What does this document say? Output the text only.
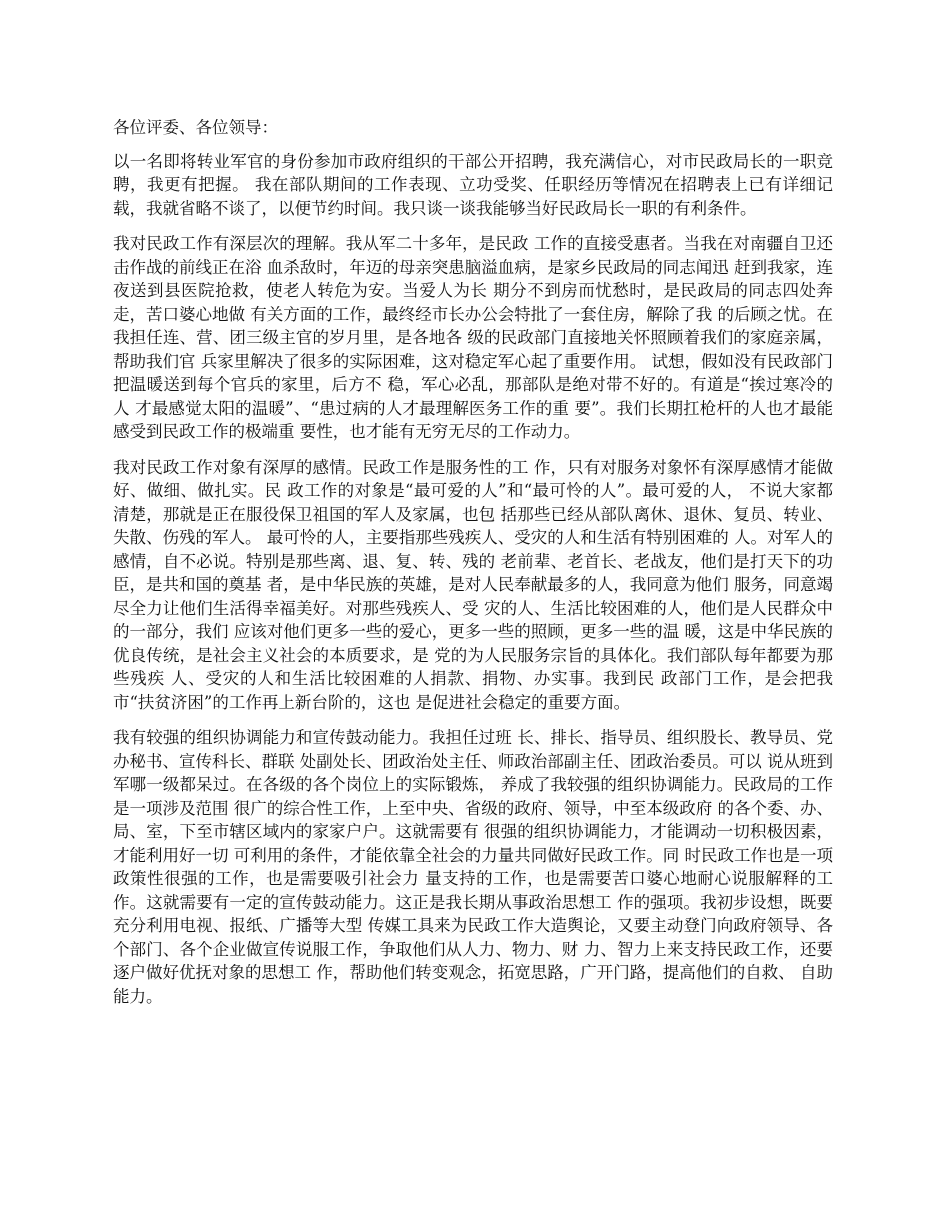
各位评委、各位领导：

以一名即将转业军官的身份参加市政府组织的干部公开招聘，我充满信心，对市民政局长的一职竞聘，我更有把握。 我在部队期间的工作表现、立功受奖、任职经历等情况在招聘表上已有详细记载，我就省略不谈了，以便节约时间。我只谈一谈我能够当好民政局长一职的有利条件。

我对民政工作有深层次的理解。我从军二十多年，是民政 工作的直接受惠者。当我在对南疆自卫还击作战的前线正在浴 血杀敌时，年迈的母亲突患脑溢血病，是家乡民政局的同志闻迅 赶到我家，连夜送到县医院抢救，使老人转危为安。当爱人为长 期分不到房而忧愁时，是民政局的同志四处奔走，苦口婆心地做 有关方面的工作，最终经市长办公会特批了一套住房，解除了我 的后顾之忧。在我担任连、营、团三级主官的岁月里，是各地各 级的民政部门直接地关怀照顾着我们的家庭亲属，帮助我们官 兵家里解决了很多的实际困难，这对稳定军心起了重要作用。 试想，假如没有民政部门把温暖送到每个官兵的家里，后方不 稳，军心必乱，那部队是绝对带不好的。有道是“挨过寒冷的人 才最感觉太阳的温暖”、“患过病的人才最理解医务工作的重 要”。我们长期扛枪杆的人也才最能感受到民政工作的极端重 要性，也才能有无穷无尽的工作动力。

我对民政工作对象有深厚的感情。民政工作是服务性的工 作，只有对服务对象怀有深厚感情才能做好、做细、做扎实。民 政工作的对象是“最可爱的人”和“最可怜的人”。最可爱的人， 不说大家都清楚，那就是正在服役保卫祖国的军人及家属，也包 括那些已经从部队离休、退休、复员、转业、失散、伤残的军人。 最可怜的人，主要指那些残疾人、受灾的人和生活有特别困难的 人。对军人的感情，自不必说。特别是那些离、退、复、转、残的 老前辈、老首长、老战友，他们是打天下的功臣，是共和国的奠基 者，是中华民族的英雄，是对人民奉献最多的人，我同意为他们 服务，同意竭尽全力让他们生活得幸福美好。对那些残疾人、受 灾的人、生活比较困难的人，他们是人民群众中的一部分，我们 应该对他们更多一些的爱心，更多一些的照顾，更多一些的温 暖，这是中华民族的优良传统，是社会主义社会的本质要求，是 党的为人民服务宗旨的具体化。我们部队每年都要为那些残疾 人、受灾的人和生活比较困难的人捐款、捐物、办实事。我到民 政部门工作，是会把我市“扶贫济困”的工作再上新台阶的，这也 是促进社会稳定的重要方面。

我有较强的组织协调能力和宣传鼓动能力。我担任过班 长、排长、指导员、组织股长、教导员、党办秘书、宣传科长、群联 处副处长、团政治处主任、师政治部副主任、团政治委员。可以 说从班到军哪一级都呆过。在各级的各个岗位上的实际锻炼， 养成了我较强的组织协调能力。民政局的工作是一项涉及范围 很广的综合性工作，上至中央、省级的政府、领导，中至本级政府 的各个委、办、局、室，下至市辖区域内的家家户户。这就需要有 很强的组织协调能力，才能调动一切积极因素，才能利用好一切 可利用的条件，才能依靠全社会的力量共同做好民政工作。同 时民政工作也是一项政策性很强的工作，也是需要吸引社会力 量支持的工作，也是需要苦口婆心地耐心说服解释的工作。这就需要有一定的宣传鼓动能力。这正是我长期从事政治思想工 作的强项。我初步设想，既要充分利用电视、报纸、广播等大型 传媒工具来为民政工作大造舆论，又要主动登门向政府领导、各 个部门、各个企业做宣传说服工作，争取他们从人力、物力、财 力、智力上来支持民政工作，还要逐户做好优抚对象的思想工 作，帮助他们转变观念，拓宽思路，广开门路，提高他们的自救、 自助能力。
